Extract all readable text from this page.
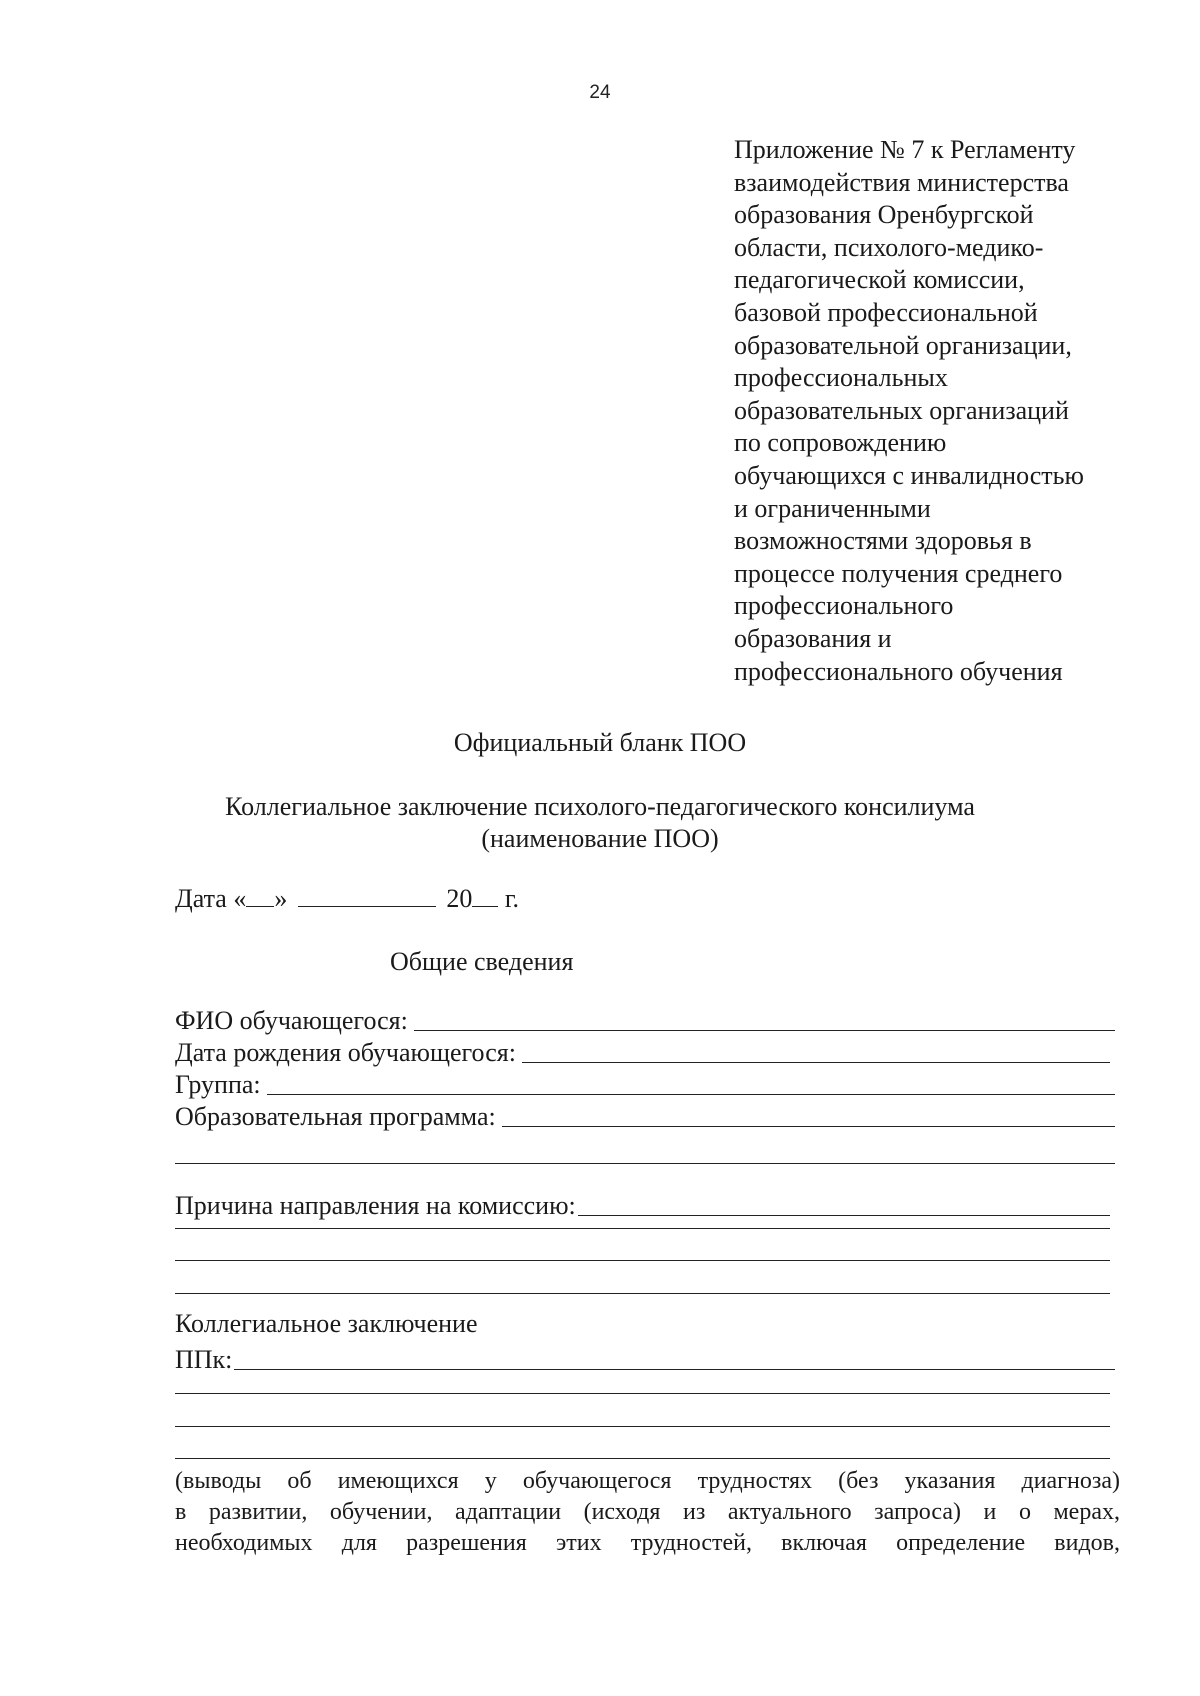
24
Приложение № 7 к Регламенту
взаимодействия министерства
образования Оренбургской
области, психолого-медико-
педагогической комиссии,
базовой профессиональной
образовательной организации,
профессиональных
образовательных организаций
по сопровождению
обучающихся с инвалидностью
и ограниченными
возможностями здоровья в
процессе получения среднего
профессионального
образования и
профессионального обучения
Официальный бланк ПОО
Коллегиальное заключение психолого-педагогического консилиума
(наименование ПОО)
Дата « »	20 г.
Общие сведения
ФИО обучающегося:
Дата рождения обучающегося:
Группа:
Образовательная программа:
Причина направления на комиссию:
Коллегиальное заключение
ППк:
(выводы об имеющихся у обучающегося трудностях (без указания диагноза)
в развитии, обучении, адаптации (исходя из актуального запроса) и о мерах,
необходимых для разрешения этих трудностей, включая определение видов,
